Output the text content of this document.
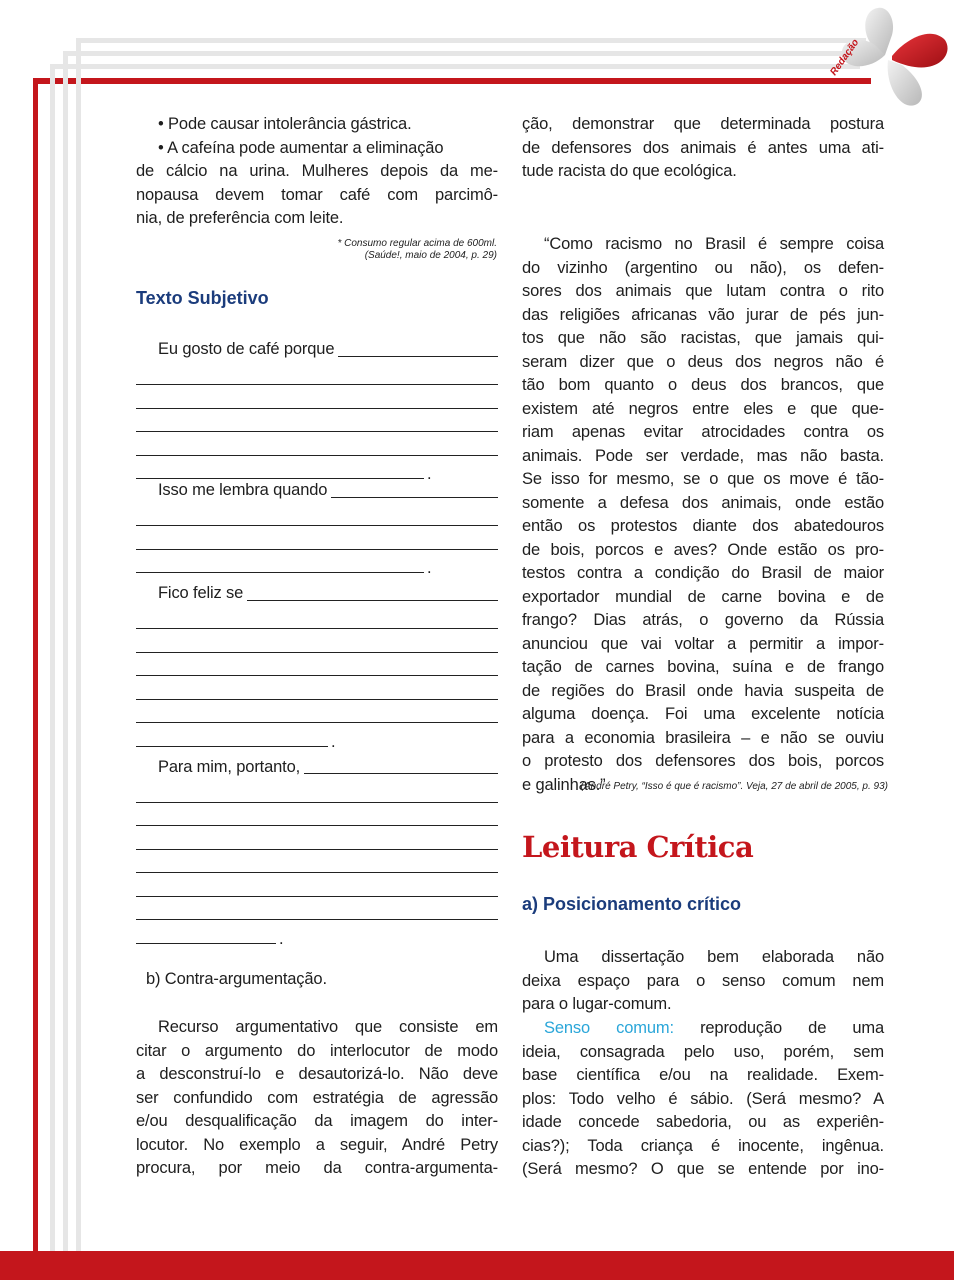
Redação
• Pode causar intolerância gástrica.
• A cafeína pode aumentar a eliminação
de cálcio na urina. Mulheres depois da me-
nopausa devem tomar café com parcimô-
nia, de preferência com leite.
* Consumo regular acima de 600ml.
(Saúde!, maio de 2004, p. 29)
Texto Subjetivo
Eu gosto de café porque
.
Isso me lembra quando
.
Fico feliz se
.
Para mim, portanto,
.
b) Contra-argumentação.
Recurso argumentativo que consiste em
citar o argumento do interlocutor de modo
a desconstruí-lo e desautorizá-lo. Não deve
ser confundido com estratégia de agressão
e/ou desqualificação da imagem do inter-
locutor. No exemplo a seguir, André Petry
procura, por meio da contra-argumenta-
ção, demonstrar que determinada postura
de defensores dos animais é antes uma ati-
tude racista do que ecológica.
“Como racismo no Brasil é sempre coisa
do vizinho (argentino ou não), os defen-
sores dos animais que lutam contra o rito
das religiões africanas vão jurar de pés jun-
tos que não são racistas, que jamais qui-
seram dizer que o deus dos negros não é
tão bom quanto o deus dos brancos, que
existem até negros entre eles e que que-
riam apenas evitar atrocidades contra os
animais. Pode ser verdade, mas não basta.
Se isso for mesmo, se o que os move é tão-
somente a defesa dos animais, onde estão
então os protestos diante dos abatedouros
de bois, porcos e aves? Onde estão os pro-
testos contra a condição do Brasil de maior
exportador mundial de carne bovina e de
frango? Dias atrás, o governo da Rússia
anunciou que vai voltar a permitir a impor-
tação de carnes bovina, suína e de frango
de regiões do Brasil onde havia suspeita de
alguma doença. Foi uma excelente notícia
para a economia brasileira – e não se ouviu
o protesto dos defensores dos bois, porcos
e galinhas.”
(André Petry, “Isso é que é racismo”. Veja, 27 de abril de 2005, p. 93)
Leitura Crítica
a) Posicionamento crítico
Uma dissertação bem elaborada não
deixa espaço para o senso comum nem
para o lugar-comum.
Senso comum: reprodução de uma
ideia, consagrada pelo uso, porém, sem
base científica e/ou na realidade. Exem-
plos: Todo velho é sábio. (Será mesmo? A
idade concede sabedoria, ou as experiên-
cias?); Toda criança é inocente, ingênua.
(Será mesmo? O que se entende por ino-
